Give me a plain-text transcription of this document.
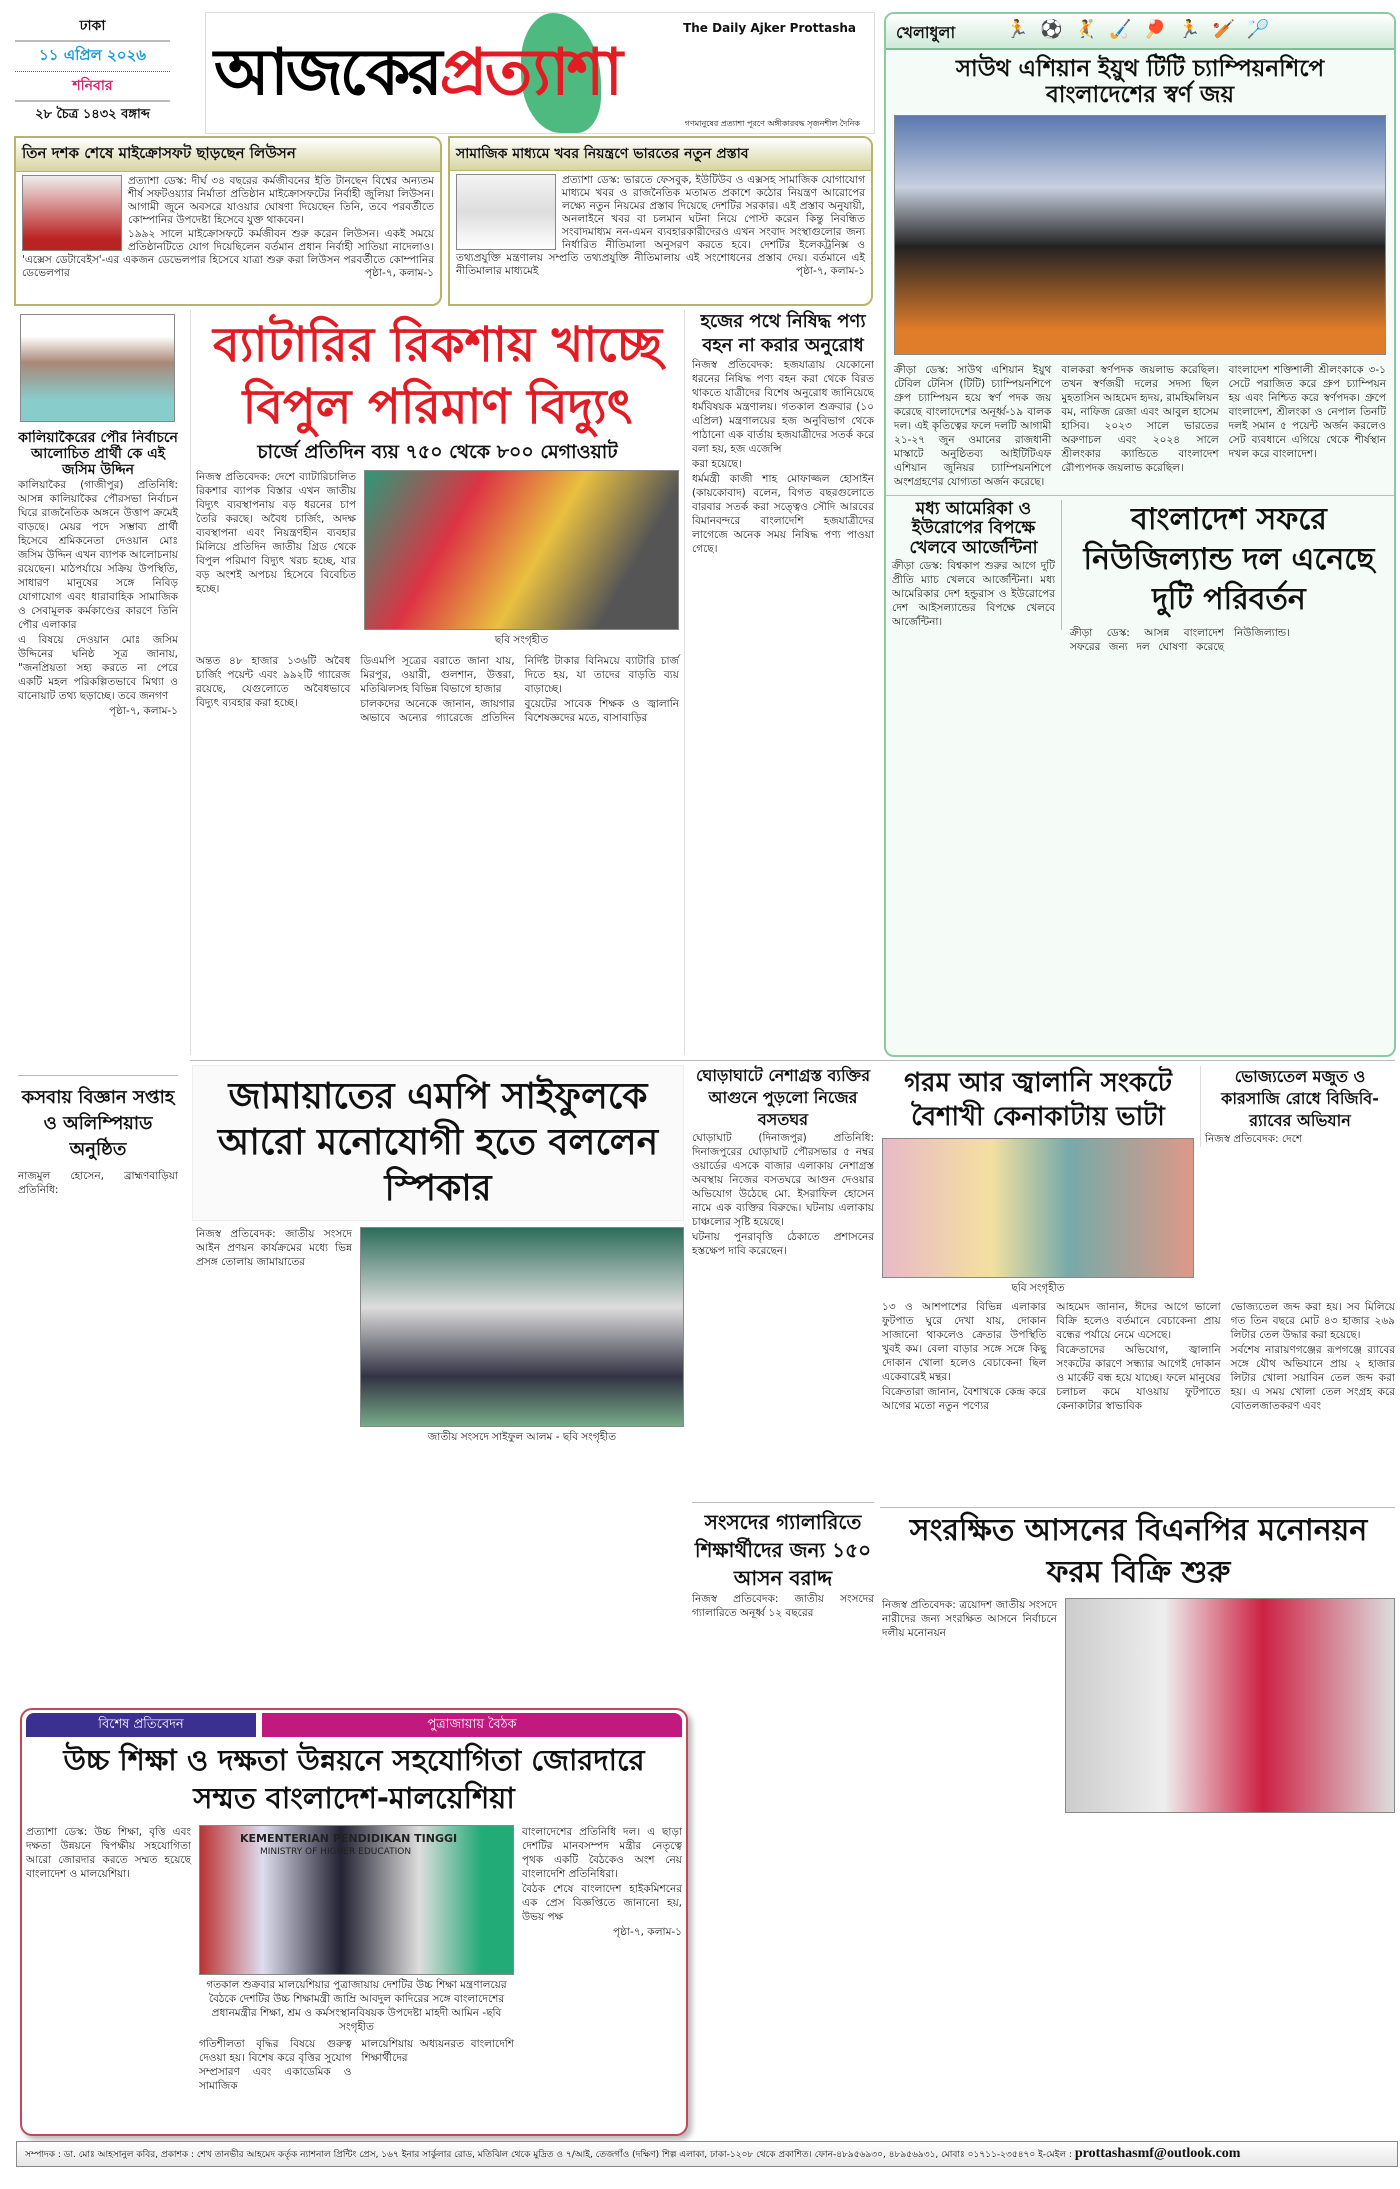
ঢাকা
১১ এপ্রিল ২০২৬
শনিবার
২৮ চৈত্র ১৪৩২ বঙ্গাব্দ
The Daily Ajker Prottasha
আজকেরপ্রত্যাশা
গণমানুষের প্রত্যাশা পূরণে অঙ্গীকারবদ্ধ সৃজনশীল দৈনিক
তিন দশক শেষে মাইক্রোসফট ছাড়ছেন লিউসন

প্রত্যাশা ডেস্ক: দীর্ঘ ৩৪ বছরের কর্মজীবনের ইতি টানছেন বিশ্বের অন্যতম শীর্ষ সফটওয়্যার নির্মাতা প্রতিষ্ঠান মাইক্রোসফটের নির্বাহী জুলিয়া লিউসন। আগামী জুনে অবসরে যাওয়ার ঘোষণা দিয়েছেন তিনি, তবে পরবর্তীতে কোম্পানির উপদেষ্টা হিসেবে যুক্ত থাকবেন।

১৯৯২ সালে মাইক্রোসফটে কর্মজীবন শুরু করেন লিউসন। একই সময়ে প্রতিষ্ঠানটিতে যোগ দিয়েছিলেন বর্তমান প্রধান নির্বাহী সাতিয়া নাদেলাও। 'এক্সেস ডেটাবেইস'-এর একজন ডেভেলপার হিসেবে যাত্রা শুরু করা লিউসন পরবর্তীতে কোম্পানির ডেভেলপার	পৃষ্ঠা-৭, কলাম-১

সামাজিক মাধ্যমে খবর নিয়ন্ত্রণে ভারতের নতুন প্রস্তাব

প্রত্যাশা ডেস্ক: ভারতে ফেসবুক, ইউটিউব ও এক্সসহ সামাজিক যোগাযোগ মাধ্যমে খবর ও রাজনৈতিক মতামত প্রকাশে কঠোর নিয়ন্ত্রণ আরোপের লক্ষ্যে নতুন নিয়মের প্রস্তাব দিয়েছে দেশটির সরকার। এই প্রস্তাব অনুযায়ী, অনলাইনে খবর বা চলমান ঘটনা নিয়ে পোস্ট করেন কিন্তু নিবন্ধিত সংবাদমাধ্যম নন-এমন ব্যবহারকারীদেরও এখন সংবাদ সংস্থাগুলোর জন্য নির্ধারিত নীতিমালা অনুসরণ করতে হবে। দেশটির ইলেকট্রনিক্স ও তথ্যপ্রযুক্তি মন্ত্রণালয় সম্প্রতি তথ্যপ্রযুক্তি নীতিমালায় এই সংশোধনের প্রস্তাব দেয়। বর্তমানে এই নীতিমালার মাধ্যমেই	পৃষ্ঠা-৭, কলাম-১

খেলাধুলা	🏃⚽🤾🏑🏓🏃🏏🏸
সাউথ এশিয়ান ইয়ুথ টিটি চ্যাম্পিয়নশিপে বাংলাদেশের স্বর্ণ জয়

ক্রীড়া ডেস্ক: সাউথ এশিয়ান ইয়ুথ টেবিল টেনিস (টিটি) চ্যাম্পিয়নশিপে গ্রুপ চ্যাম্পিয়ন হয়ে স্বর্ণ পদক জয় করেছে বাংলাদেশের অনূর্ধ্ব-১৯ বালক দল। এই কৃতিত্বের ফলে দলটি আগামী ২১-২৭ জুন ওমানের রাজধানী মাস্কাটে অনুষ্ঠিতব্য আইটিটিএফ এশিয়ান জুনিয়র চ্যাম্পিয়নশিপে অংশগ্রহণের যোগ্যতা অর্জন করেছে।

বালকরা স্বর্ণপদক জয়লাভ করেছিল। তখন স্বর্ণজয়ী দলের সদস্য ছিল মুহতাসিন আহমেদ হৃদয়, রামহিমলিয়ন বম, নাফিজ রেজা এবং আবুল হাসেম হাসিব। ২০২৩ সালে ভারতের অরুণাচল এবং ২০২৪ সালে শ্রীলংকার ক্যান্ডিতে বাংলাদেশ রৌপ্যপদক জয়লাভ করেছিল।

বাংলাদেশ শক্তিশালী শ্রীলংকাকে ৩-১ সেটে পরাজিত করে গ্রুপ চ্যাম্পিয়ন হয় এবং নিশ্চিত করে স্বর্ণপদক। গ্রুপে বাংলাদেশ, শ্রীলংকা ও নেপাল তিনটি দলই সমান ৫ পয়েন্ট অর্জন করলেও সেট ব্যবধানে এগিয়ে থেকে শীর্ষস্থান দখল করে বাংলাদেশ।

মধ্য আমেরিকা ও ইউরোপের বিপক্ষে খেলবে আর্জেন্টিনা

ক্রীড়া ডেস্ক: বিশ্বকাপ শুরুর আগে দুটি প্রীতি ম্যাচ খেলবে আর্জেন্টিনা। মধ্য আমেরিকার দেশ হন্ডুরাস ও ইউরোপের দেশ আইসল্যান্ডের বিপক্ষে খেলবে আর্জেন্টিনা।

বাংলাদেশ সফরে নিউজিল্যান্ড দল এনেছে দুটি পরিবর্তন

ক্রীড়া ডেস্ক: আসন্ন বাংলাদেশ সফরের জন্য দল ঘোষণা করেছে নিউজিল্যান্ড।

কালিয়াকৈরের পৌর নির্বাচনে আলোচিত প্রার্থী কে এই জসিম উদ্দিন

কালিয়াকৈর (গাজীপুর) প্রতিনিধি: আসন্ন কালিয়াকৈর পৌরসভা নির্বাচন ঘিরে রাজনৈতিক অঙ্গনে উত্তাপ ক্রমেই বাড়ছে। মেয়র পদে সম্ভাব্য প্রার্থী হিসেবে শ্রমিকনেতা দেওয়ান মোঃ জসিম উদ্দিন এখন ব্যাপক আলোচনায় রয়েছেন। মাঠপর্যায়ে সক্রিয় উপস্থিতি, সাধারণ মানুষের সঙ্গে নিবিড় যোগাযোগ এবং ধারাবাহিক সামাজিক ও সেবামূলক কর্মকাণ্ডের কারণে তিনি পৌর এলাকার

এ বিষয়ে দেওয়ান মোঃ জসিম উদ্দিনের ঘনিষ্ঠ সূত্র জানায়, "জনপ্রিয়তা সহ্য করতে না পেরে একটি মহল পরিকল্পিতভাবে মিথ্যা ও বানোয়াট তথ্য ছড়াচ্ছে। তবে জনগণ

পৃষ্ঠা-৭, কলাম-১
কসবায় বিজ্ঞান সপ্তাহ ও অলিম্পিয়াড অনুষ্ঠিত

নাজমুল হোসেন, ব্রাহ্মণবাড়িয়া প্রতিনিধি:

ব্যাটারির রিকশায় খাচ্ছে
বিপুল পরিমাণ বিদ্যুৎ
চার্জে প্রতিদিন ব্যয় ৭৫০ থেকে ৮০০ মেগাওয়াট

নিজস্ব প্রতিবেদক: দেশে ব্যাটারিচালিত রিকশার ব্যাপক বিস্তার এখন জাতীয় বিদ্যুৎ ব্যবস্থাপনায় বড় ধরনের চাপ তৈরি করছে। অবৈধ চার্জিং, অদক্ষ ব্যবস্থাপনা এবং নিয়ন্ত্রণহীন ব্যবহার মিলিয়ে প্রতিদিন জাতীয় গ্রিড থেকে বিপুল পরিমাণ বিদ্যুৎ খরচ হচ্ছে, যার বড় অংশই অপচয় হিসেবে বিবেচিত হচ্ছে।

ছবি সংগৃহীত

অন্তত ৪৮ হাজার ১৩৬টি অবৈধ চার্জিং পয়েন্ট এবং ৯৯২টি গ্যারেজ রয়েছে, যেগুলোতে অবৈধভাবে বিদ্যুৎ ব্যবহার করা হচ্ছে।

ডিএমপি সূত্রের বরাতে জানা যায়, মিরপুর, ওয়ারী, গুলশান, উত্তরা, মতিঝিলসহ বিভিন্ন বিভাগে হাজার

চালকদের অনেকে জানান, জায়গার অভাবে অন্যের গ্যারেজে প্রতিদিন নির্দিষ্ট টাকার বিনিময়ে ব্যাটারি চার্জ দিতে হয়, যা তাদের বাড়তি ব্যয় বাড়াচ্ছে।

বুয়েটের সাবেক শিক্ষক ও জ্বালানি বিশেষজ্ঞদের মতে, বাসাবাড়ির

হজের পথে নিষিদ্ধ পণ্য বহন না করার অনুরোধ

নিজস্ব প্রতিবেদক: হজযাত্রায় যেকোনো ধরনের নিষিদ্ধ পণ্য বহন করা থেকে বিরত থাকতে যাত্রীদের বিশেষ অনুরোধ জানিয়েছে ধর্মবিষয়ক মন্ত্রণালয়। গতকাল শুক্রবার (১০ এপ্রিল) মন্ত্রণালয়ের হজ অনুবিভাগ থেকে পাঠানো এক বার্তায় হজযাত্রীদের সতর্ক করে বলা হয়, হজ এজেন্সি

করা হয়েছে।

ধর্মমন্ত্রী কাজী শাহ মোফাজ্জল হোসাইন (কায়কোবাদ) বলেন, বিগত বছরগুলোতে বারবার সতর্ক করা সত্ত্বেও সৌদি আরবের বিমানবন্দরে বাংলাদেশি হজযাত্রীদের লাগেজে অনেক সময় নিষিদ্ধ পণ্য পাওয়া গেছে।

জামায়াতের এমপি সাইফুলকে আরো মনোযোগী হতে বললেন স্পিকার

নিজস্ব প্রতিবেদক: জাতীয় সংসদে আইন প্রণয়ন কার্যক্রমের মধ্যে ভিন্ন প্রসঙ্গ তোলায় জামায়াতের

জাতীয় সংসদে সাইফুল আলম - ছবি সংগৃহীত
ঘোড়াঘাটে নেশাগ্রস্ত ব্যক্তির আগুনে পুড়লো নিজের বসতঘর

ঘোড়াঘাট (দিনাজপুর) প্রতিনিধি: দিনাজপুরের ঘোড়াঘাট পৌরসভার ৫ নম্বর ওয়ার্ডের এসকে বাজার এলাকায় নেশাগ্রস্ত অবস্থায় নিজের বসতঘরে আগুন দেওয়ার অভিযোগ উঠেছে মো. ইসরাফিল হোসেন নামে এক ব্যক্তির বিরুদ্ধে। ঘটনায় এলাকায় চাঞ্চল্যের সৃষ্টি হয়েছে।

ঘটনায় পুনরাবৃত্তি ঠেকাতে প্রশাসনের হস্তক্ষেপ দাবি করেছেন।

সংসদের গ্যালারিতে শিক্ষার্থীদের জন্য ১৫০ আসন বরাদ্দ

নিজস্ব প্রতিবেদক: জাতীয় সংসদের গ্যালারিতে অনূর্ধ্ব ১২ বছরের

গরম আর জ্বালানি সংকটে বৈশাখী কেনাকাটায় ভাটা
ছবি সংগৃহীত
ভোজ্যতেল মজুত ও কারসাজি রোধে বিজিবি-র‍্যাবের অভিযান

নিজস্ব প্রতিবেদক: দেশে

১৩ ও আশপাশের বিভিন্ন এলাকার ফুটপাত ঘুরে দেখা যায়, দোকান সাজানো থাকলেও ক্রেতার উপস্থিতি খুবই কম। বেলা বাড়ার সঙ্গে সঙ্গে কিছু দোকান খোলা হলেও বেচাকেনা ছিল একেবারেই মন্থর।

বিক্রেতারা জানান, বৈশাখকে কেন্দ্র করে আগের মতো নতুন পণ্যের

আহমেদ জানান, ঈদের আগে ভালো বিক্রি হলেও বর্তমানে বেচাকেনা প্রায় বন্ধের পর্যায়ে নেমে এসেছে।

বিক্রেতাদের অভিযোগ, জ্বালানি সংকটের কারণে সন্ধ্যার আগেই দোকান ও মার্কেট বন্ধ হয়ে যাচ্ছে। ফলে মানুষের চলাচল কমে যাওয়ায় ফুটপাতে কেনাকাটার স্বাভাবিক

ভোজ্যতেল জব্দ করা হয়। সব মিলিয়ে গত তিন বছরে মোট ৪৩ হাজার ২৬৯ লিটার তেল উদ্ধার করা হয়েছে।

সর্বশেষ নারায়ণগঞ্জের রূপগঞ্জে র‍্যাবের সঙ্গে যৌথ অভিযানে প্রায় ২ হাজার লিটার খোলা সয়াবিন তেল জব্দ করা হয়। এ সময় খোলা তেল সংগ্রহ করে বোতলজাতকরণ এবং

সংরক্ষিত আসনের বিএনপির মনোনয়ন ফরম বিক্রি শুরু

নিজস্ব প্রতিবেদক: ত্রয়োদশ জাতীয় সংসদে নারীদের জন্য সংরক্ষিত আসনে নির্বাচনে দলীয় মনোনয়ন

বিশেষ প্রতিবেদন	পুত্রাজায়ায় বৈঠক
উচ্চ শিক্ষা ও দক্ষতা উন্নয়নে সহযোগিতা জোরদারে সম্মত বাংলাদেশ-মালয়েশিয়া

প্রত্যাশা ডেস্ক: উচ্চ শিক্ষা, বৃত্তি এবং দক্ষতা উন্নয়নে দ্বিপক্ষীয় সহযোগিতা আরো জোরদার করতে সম্মত হয়েছে বাংলাদেশ ও মালয়েশিয়া।

KEMENTERIAN PENDIDIKAN TINGGI
MINISTRY OF HIGHER EDUCATION
গতকাল শুক্রবার মালয়েশিয়ার পুত্রাজায়ায় দেশটির উচ্চ শিক্ষা মন্ত্রণালয়ের বৈঠকে দেশটির উচ্চ শিক্ষামন্ত্রী জাম্রি আবদুল কাদিরের সঙ্গে বাংলাদেশের প্রধানমন্ত্রীর শিক্ষা, শ্রম ও কর্মসংস্থানবিষয়ক উপদেষ্টা মাহদী আমিন -ছবি সংগৃহীত

গতিশীলতা বৃদ্ধির বিষয়ে গুরুত্ব দেওয়া হয়। বিশেষ করে বৃত্তির সুযোগ সম্প্রসারণ এবং একাডেমিক ও সামাজিক

মালয়েশিয়ায় অধ্যয়নরত বাংলাদেশি শিক্ষার্থীদের

বাংলাদেশের প্রতিনিধি দল। এ ছাড়া দেশটির মানবসম্পদ মন্ত্রীর নেতৃত্বে পৃথক একটি বৈঠকেও অংশ নেয় বাংলাদেশি প্রতিনিধিরা।

বৈঠক শেষে বাংলাদেশ হাইকমিশনের এক প্রেস বিজ্ঞপ্তিতে জানানো হয়, উভয় পক্ষ

পৃষ্ঠা-৭, কলাম-১
সম্পাদক : ডা. মোঃ আহসানুল কবির, প্রকাশক : শেখ তানভীর আহমেদ কর্তৃক ন্যাশনাল প্রিন্টিং প্রেস, ১৬৭ ইনার সার্কুলার রোড, মতিঝিল থেকে মুদ্রিত ও ৭/আই, তেজগাঁও (দক্ষিণ) শিল্প এলাকা, ঢাকা-১২০৮ থেকে প্রকাশিত। ফোন-৪৮৯৫৬৯৩০, ৪৮৯৫৬৯৩১, মোবাঃ ০১৭১১-২৩৫৪৭০ ই-মেইল : prottashasmf@outlook.com
